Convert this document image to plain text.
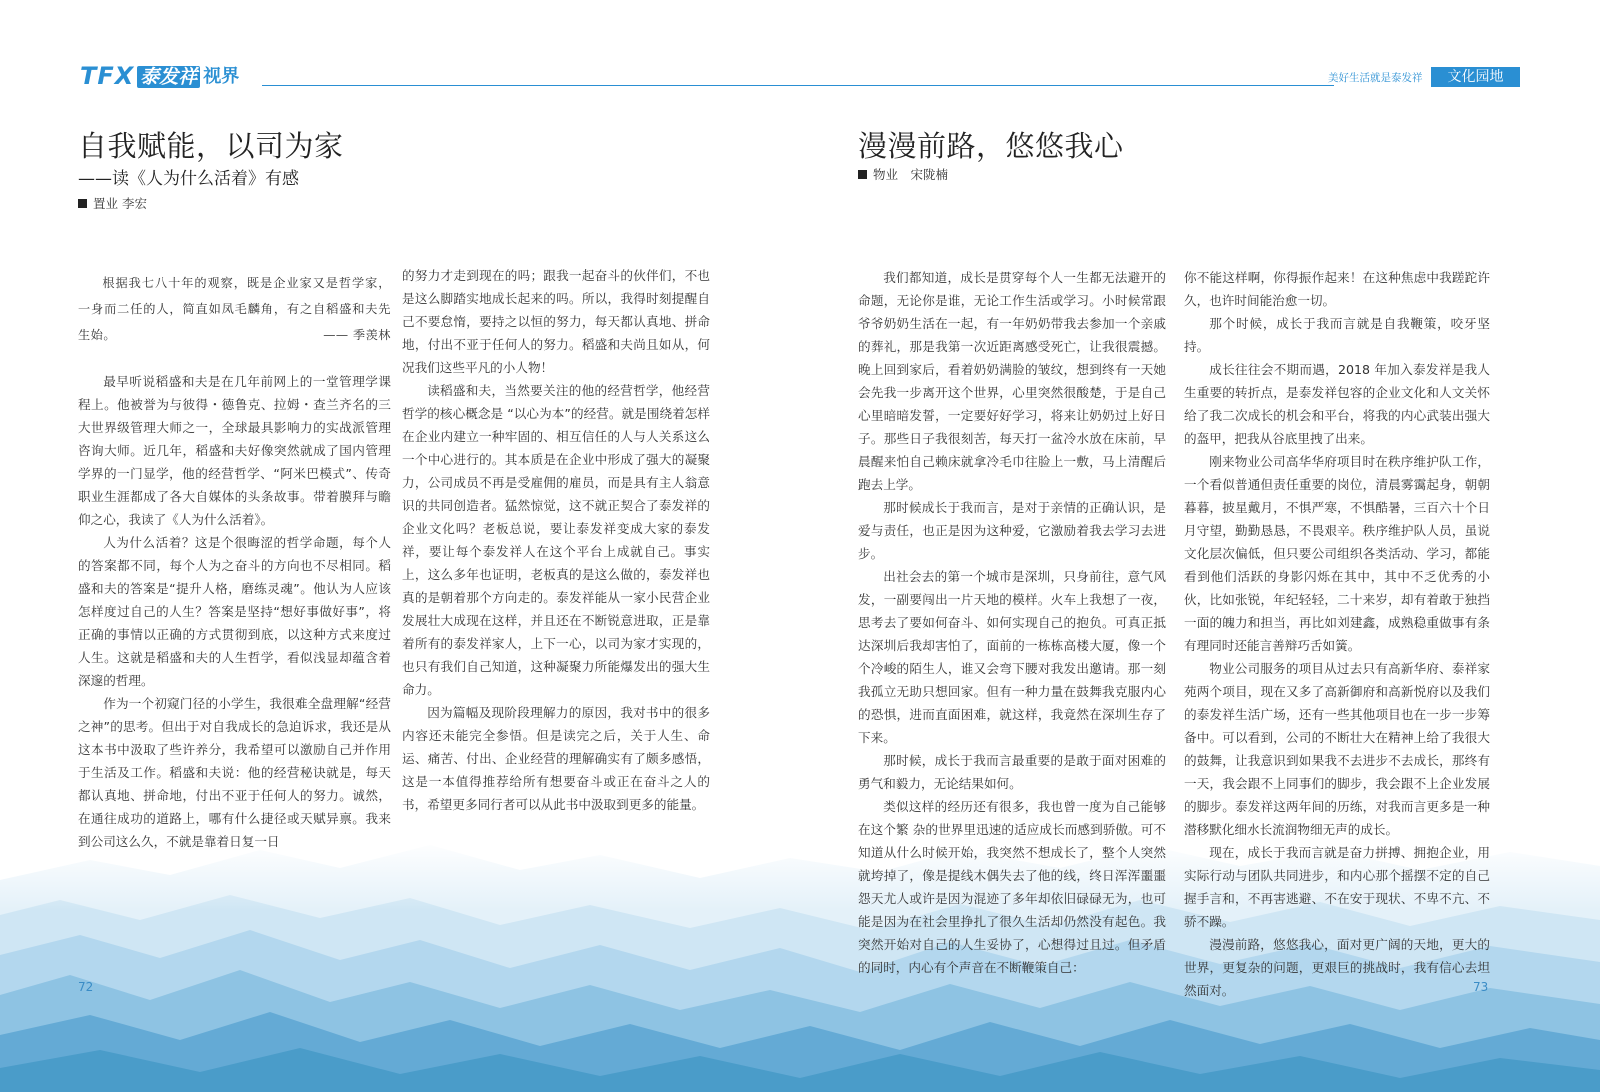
TFX 泰发祥 视界
自我赋能，以司为家
——读《人为什么活着》有感
置业 李宏

根据我七八十年的观察，既是企业家又是哲学家，一身而二任的人，简直如凤毛麟角，有之自稻盛和夫先生始。	—— 季羡林

最早听说稻盛和夫是在几年前网上的一堂管理学课程上。他被誉为与彼得・德鲁克、拉姆・查兰齐名的三大世界级管理大师之一，全球最具影响力的实战派管理咨询大师。近几年，稻盛和夫好像突然就成了国内管理学界的一门显学，他的经营哲学、“阿米巴模式”、传奇职业生涯都成了各大自媒体的头条故事。带着膜拜与瞻仰之心，我读了《人为什么活着》。

人为什么活着？这是个很晦涩的哲学命题，每个人的答案都不同，每个人为之奋斗的方向也不尽相同。稻盛和夫的答案是“提升人格，磨练灵魂”。他认为人应该怎样度过自己的人生？答案是坚持“想好事做好事”，将正确的事情以正确的方式贯彻到底，以这种方式来度过人生。这就是稻盛和夫的人生哲学，看似浅显却蕴含着深邃的哲理。

作为一个初窥门径的小学生，我很难全盘理解“经营之神”的思考。但出于对自我成长的急迫诉求，我还是从这本书中汲取了些许养分，我希望可以激励自己并作用于生活及工作。稻盛和夫说：他的经营秘诀就是，每天都认真地、拼命地，付出不亚于任何人的努力。诚然，在通往成功的道路上，哪有什么捷径或天赋异禀。我来到公司这么久，不就是靠着日复一日

的努力才走到现在的吗；跟我一起奋斗的伙伴们，不也是这么脚踏实地成长起来的吗。所以，我得时刻提醒自己不要怠惰，要持之以恒的努力，每天都认真地、拼命地，付出不亚于任何人的努力。稻盛和夫尚且如从，何况我们这些平凡的小人物！

读稻盛和夫，当然要关注的他的经营哲学，他经营哲学的核心概念是 “以心为本”的经营。就是围绕着怎样在企业内建立一种牢固的、相互信任的人与人关系这么一个中心进行的。其本质是在企业中形成了强大的凝聚力，公司成员不再是受雇佣的雇员，而是具有主人翁意识的共同创造者。猛然惊觉，这不就正契合了泰发祥的企业文化吗？老板总说，要让泰发祥变成大家的泰发祥，要让每个泰发祥人在这个平台上成就自己。事实上，这么多年也证明，老板真的是这么做的，泰发祥也真的是朝着那个方向走的。泰发祥能从一家小民营企业发展壮大成现在这样，并且还在不断锐意进取，正是靠着所有的泰发祥家人，上下一心，以司为家才实现的，也只有我们自己知道，这种凝聚力所能爆发出的强大生命力。

因为篇幅及现阶段理解力的原因，我对书中的很多内容还未能完全参悟。但是读完之后，关于人生、命运、痛苦、付出、企业经营的理解确实有了颇多感悟，这是一本值得推荐给所有想要奋斗或正在奋斗之人的书，希望更多同行者可以从此书中汲取到更多的能量。

72
美好生活就是泰发祥	文化园地
漫漫前路，悠悠我心
物业　宋陇楠

我们都知道，成长是贯穿每个人一生都无法避开的命题，无论你是谁，无论工作生活或学习。小时候常跟爷爷奶奶生活在一起，有一年奶奶带我去参加一个亲戚的葬礼，那是我第一次近距离感受死亡，让我很震撼。晚上回到家后，看着奶奶满脸的皱纹，想到终有一天她会先我一步离开这个世界，心里突然很酸楚，于是自己心里暗暗发誓，一定要好好学习，将来让奶奶过上好日子。那些日子我很刻苦，每天打一盆冷水放在床前，早晨醒来怕自己赖床就拿冷毛巾往脸上一敷，马上清醒后跑去上学。

那时候成长于我而言，是对于亲情的正确认识，是爱与责任，也正是因为这种爱，它激励着我去学习去进步。

出社会去的第一个城市是深圳，只身前往，意气风发，一副要闯出一片天地的模样。火车上我想了一夜，思考去了要如何奋斗、如何实现自己的抱负。可真正抵达深圳后我却害怕了，面前的一栋栋高楼大厦，像一个个冷峻的陌生人，谁又会弯下腰对我发出邀请。那一刻我孤立无助只想回家。但有一种力量在鼓舞我克服内心的恐惧，进而直面困难，就这样，我竟然在深圳生存了下来。

那时候，成长于我而言最重要的是敢于面对困难的勇气和毅力，无论结果如何。

类似这样的经历还有很多，我也曾一度为自己能够在这个繁 杂的世界里迅速的适应成长而感到骄傲。可不知道从什么时候开始，我突然不想成长了，整个人突然就垮掉了，像是提线木偶失去了他的线，终日浑浑噩噩怨天尤人或许是因为混迹了多年却依旧碌碌无为，也可能是因为在社会里挣扎了很久生活却仍然没有起色。我突然开始对自己的人生妥协了，心想得过且过。但矛盾的同时，内心有个声音在不断鞭策自己：

你不能这样啊，你得振作起来！在这种焦虑中我蹉跎许久，也许时间能治愈一切。

那个时候，成长于我而言就是自我鞭策，咬牙坚持。

成长往往会不期而遇，2018 年加入泰发祥是我人生重要的转折点，是泰发祥包容的企业文化和人文关怀给了我二次成长的机会和平台，将我的内心武装出强大的盔甲，把我从谷底里拽了出来。

刚来物业公司高华华府项目时在秩序维护队工作，一个看似普通但责任重要的岗位，清晨雾霭起身，朝朝暮暮，披星戴月，不惧严寒，不惧酷暑，三百六十个日月守望，勤勤恳恳，不畏艰辛。秩序维护队人员，虽说文化层次偏低，但只要公司组织各类活动、学习，都能看到他们活跃的身影闪烁在其中，其中不乏优秀的小伙，比如张锐，年纪轻轻，二十来岁，却有着敢于独挡一面的魄力和担当，再比如刘建鑫，成熟稳重做事有条有理同时还能言善辩巧舌如簧。

物业公司服务的项目从过去只有高新华府、泰祥家苑两个项目，现在又多了高新御府和高新悦府以及我们的泰发祥生活广场，还有一些其他项目也在一步一步筹备中。可以看到，公司的不断壮大在精神上给了我很大的鼓舞，让我意识到如果我不去进步不去成长，那终有一天，我会跟不上同事们的脚步，我会跟不上企业发展的脚步。泰发祥这两年间的历练，对我而言更多是一种潜移默化细水长流润物细无声的成长。

现在，成长于我而言就是奋力拼搏、拥抱企业，用实际行动与团队共同进步，和内心那个摇摆不定的自己握手言和，不再害逃避、不在安于现状、不卑不亢、不骄不躁。

漫漫前路，悠悠我心，面对更广阔的天地，更大的世界，更复杂的问题，更艰巨的挑战时，我有信心去坦然面对。	73
